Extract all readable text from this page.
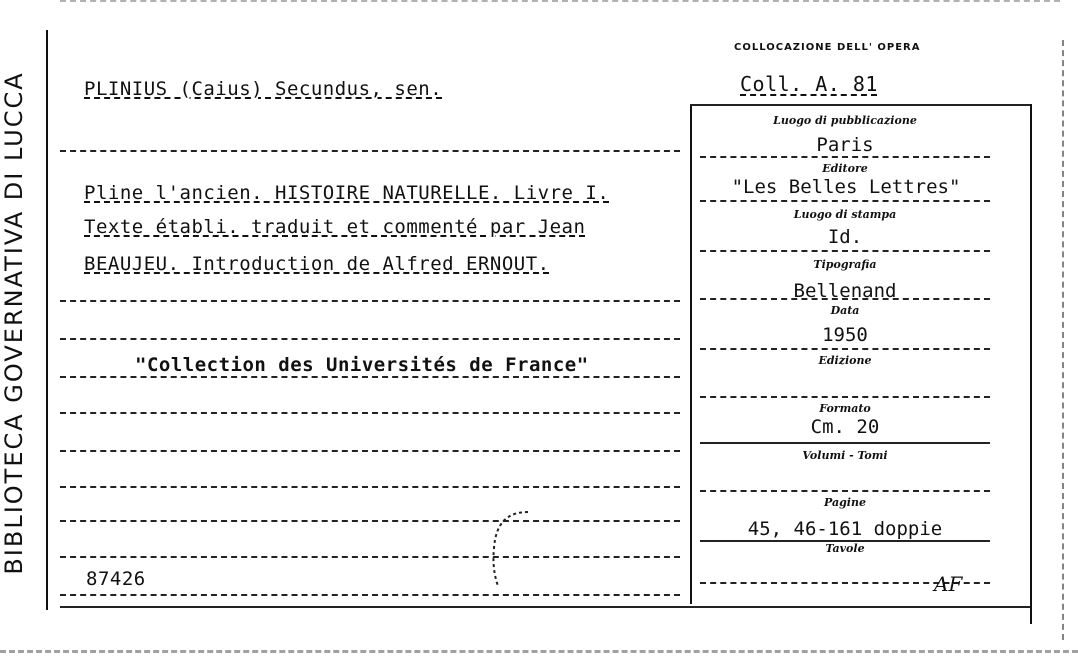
BIBLIOTECA GOVERNATIVA DI LUCCA	PLINIUS (Caius) Secundus, sen.
Pline l'ancien. HISTOIRE NATURELLE. Livre I.
Texte établi. traduit et commenté par Jean
BEAUJEU. Introduction de Alfred ERNOUT.
"Collection des Universités de France"
87426
COLLOCAZIONE DELL' OPERA
Coll. A. 81
Luogo di pubblicazione
Paris
Editore
"Les Belles Lettres"
Luogo di stampa
Id.
Tipografia
Bellenand
Data
1950
Edizione
Formato
Cm. 20
Volumi - Tomi
Pagine
45, 46-161 doppie
Tavole
AF
